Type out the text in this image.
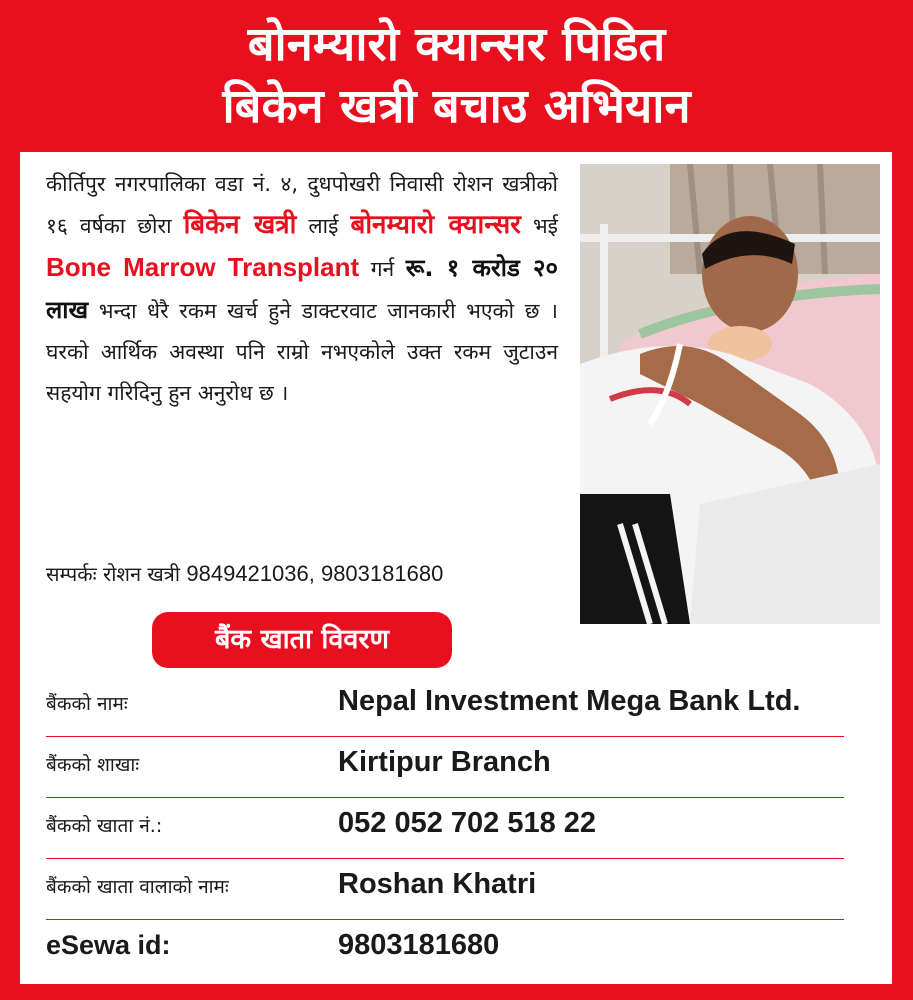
बोनम्यारो क्यान्सर पिडित
बिकेन खत्री बचाउ अभियान
कीर्तिपुर नगरपालिका वडा नं. ४, दुधपोखरी निवासी रोशन खत्रीको १६ वर्षका छोरा बिकेन खत्री लाई बोनम्यारो क्यान्सर भई Bone Marrow Transplant गर्न रू. १ करोड २० लाख भन्दा धेरै रकम खर्च हुने डाक्टरवाट जानकारी भएको छ । घरको आर्थिक अवस्था पनि राम्रो नभएकोले उक्त रकम जुटाउन सहयोग गरिदिनु हुन अनुरोध छ ।
सम्पर्कः रोशन खत्री 9849421036, 9803181680
बैंक खाता विवरण
बैंकको नामः	Nepal Investment Mega Bank Ltd.
बैंकको शाखाः	Kirtipur Branch
बैंकको खाता नं.:	052 052 702 518 22
बैंकको खाता वालाको नामः	Roshan Khatri
eSewa id:	9803181680
